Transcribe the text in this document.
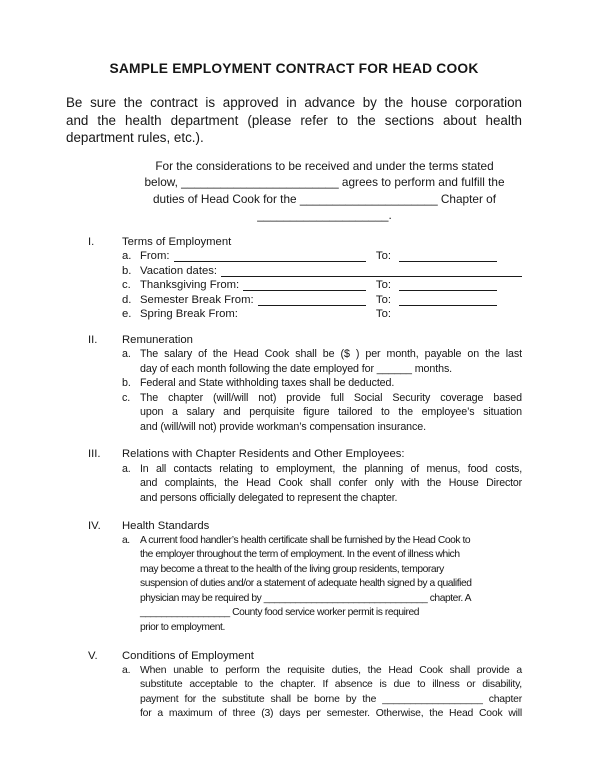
SAMPLE EMPLOYMENT CONTRACT FOR HEAD COOK
Be sure the contract is approved in advance by the house corporation
and the health department (please refer to the sections about health
department rules, etc.).
For the considerations to be received and under the terms stated
below, ________________________ agrees to perform and fulfill the
duties of Head Cook for the _____________________ Chapter of
____________________.
I.	Terms of Employment
a. From:	To:
b. Vacation dates:
c. Thanksgiving From:	To:
d. Semester Break From:	To:
e. Spring Break From:	To:
II.	Remuneration
a. The salary of the Head Cook shall be ($ ) per month, payable on the last
day of each month following the date employed for ______ months.
b. Federal and State withholding taxes shall be deducted.
c. The chapter (will/will not) provide full Social Security coverage based
upon a salary and perquisite figure tailored to the employee’s situation
and (will/will not) provide workman’s compensation insurance.
III.	Relations with Chapter Residents and Other Employees:
a. In all contacts relating to employment, the planning of menus, food costs,
and complaints, the Head Cook shall confer only with the House Director
and persons officially delegated to represent the chapter.
IV.	Health Standards
a.	A current food handler’s health certificate shall be furnished by the Head Cook to
the employer throughout the term of employment. In the event of illness which
may become a threat to the health of the living group residents, temporary
suspension of duties and/or a statement of adequate health signed by a qualified
physician may be required by _______________________________ chapter. A
_________________ County food service worker permit is required
prior to employment.
V.	Conditions of Employment
a. When unable to perform the requisite duties, the Head Cook shall provide a
substitute acceptable to the chapter. If absence is due to illness or disability,
payment for the substitute shall be borne by the __________________ chapter
for a maximum of three (3) days per semester. Otherwise, the Head Cook will
